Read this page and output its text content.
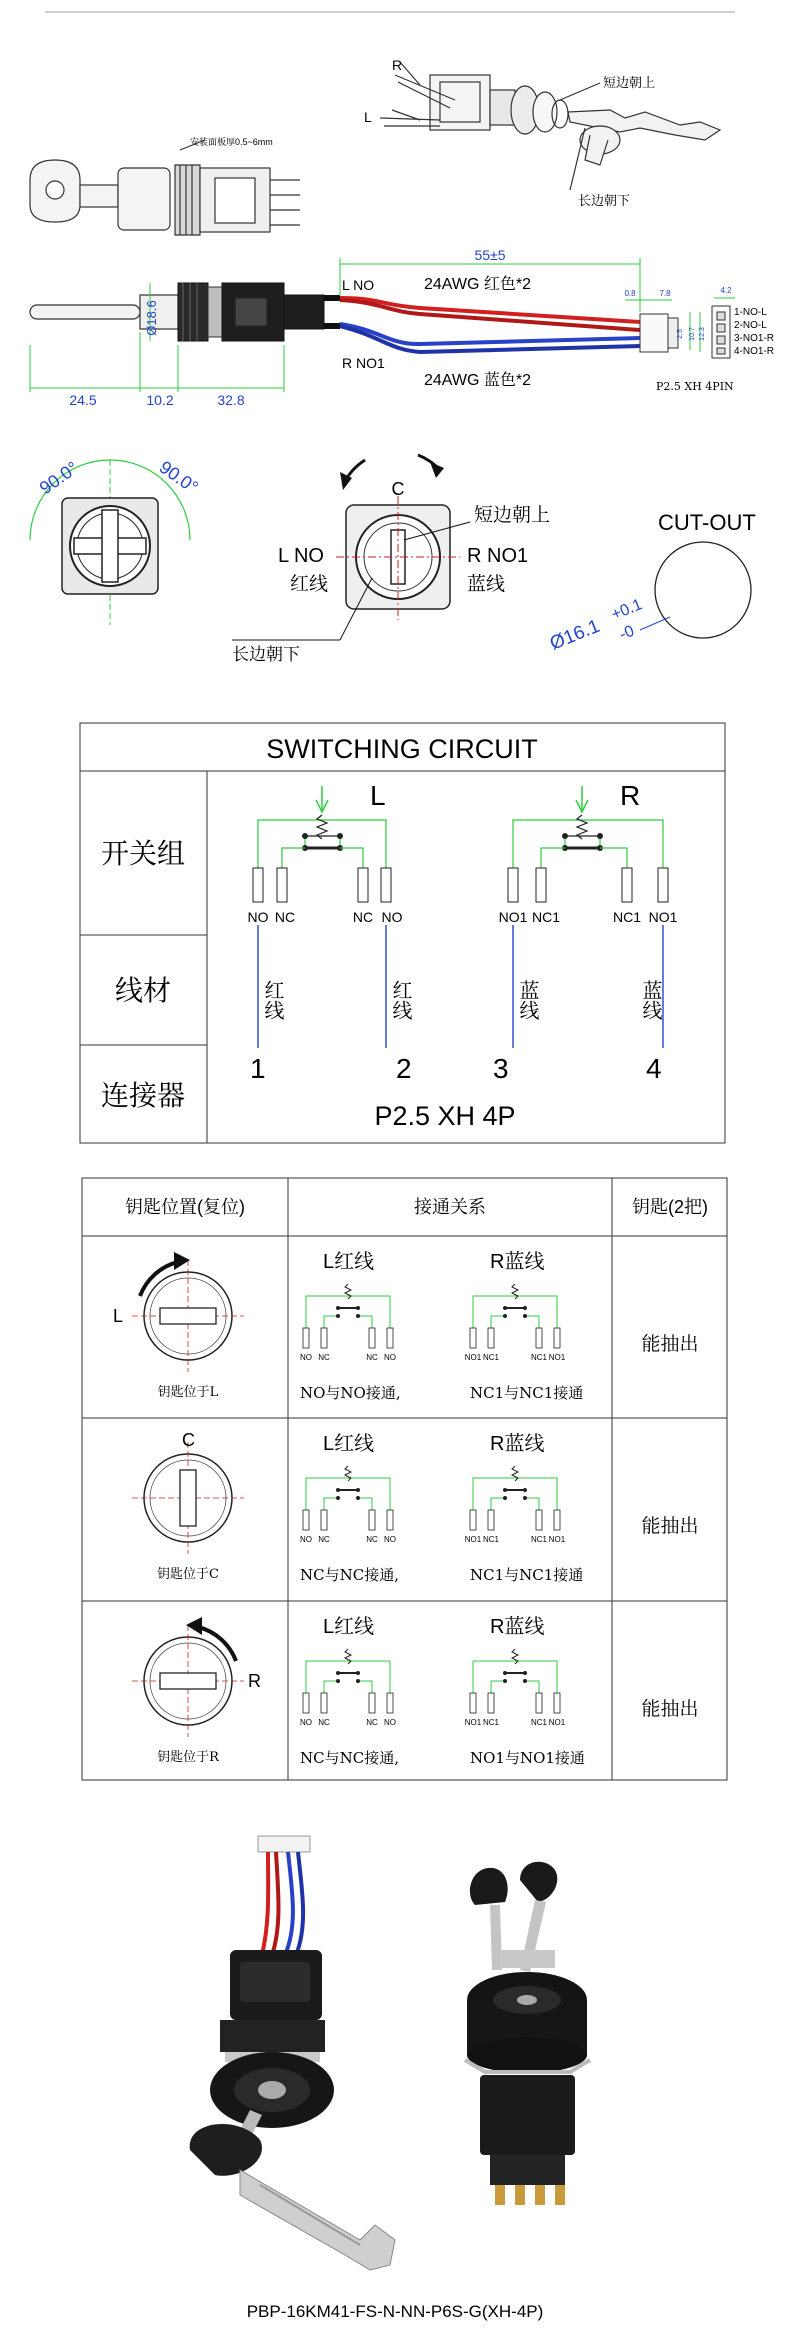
R
L
短边朝上
长边朝下
安装面板厚0.5~6mm
55±5
Ø18.6
24.5	10.2	32.8
7.8
0.8	4.2
2.5 10.7 12.3
L NO	24AWG 红色*2
R NO1
24AWG 蓝色*2
1-NO-L
2-NO-L
3-NO1-R
4-NO1-R
P2.5 XH 4PIN
90.0°	90.0°	C
L NO
红线
R NO1
蓝线
短边朝上
长边朝下
CUT-OUT
Ø16.1
+0.1
-0
SWITCHING CIRCUIT
开关组
线材
连接器
L
NO NC	NC NO
R
NO1 NC1	NC1 NO1
红线	红线	蓝线	蓝线
1	2	3	4
P2.5 XH 4P
钥匙位置(复位)	接通关系	钥匙(2把)
L
钥匙位于L
L红线	R蓝线
NO NC	NC NO	NO1 NC1	NC1 NO1
NO与NO接通,	NC1与NC1接通
能抽出
C
钥匙位于C
L红线	R蓝线
NO NC	NC NO	NO1 NC1	NC1 NO1
NC与NC接通,	NC1与NC1接通
能抽出
R
钥匙位于R
L红线	R蓝线
NO NC	NC NO	NO1 NC1	NC1 NO1
NC与NC接通,	NO1与NO1接通
能抽出
PBP-16KM41-FS-N-NN-P6S-G(XH-4P)
